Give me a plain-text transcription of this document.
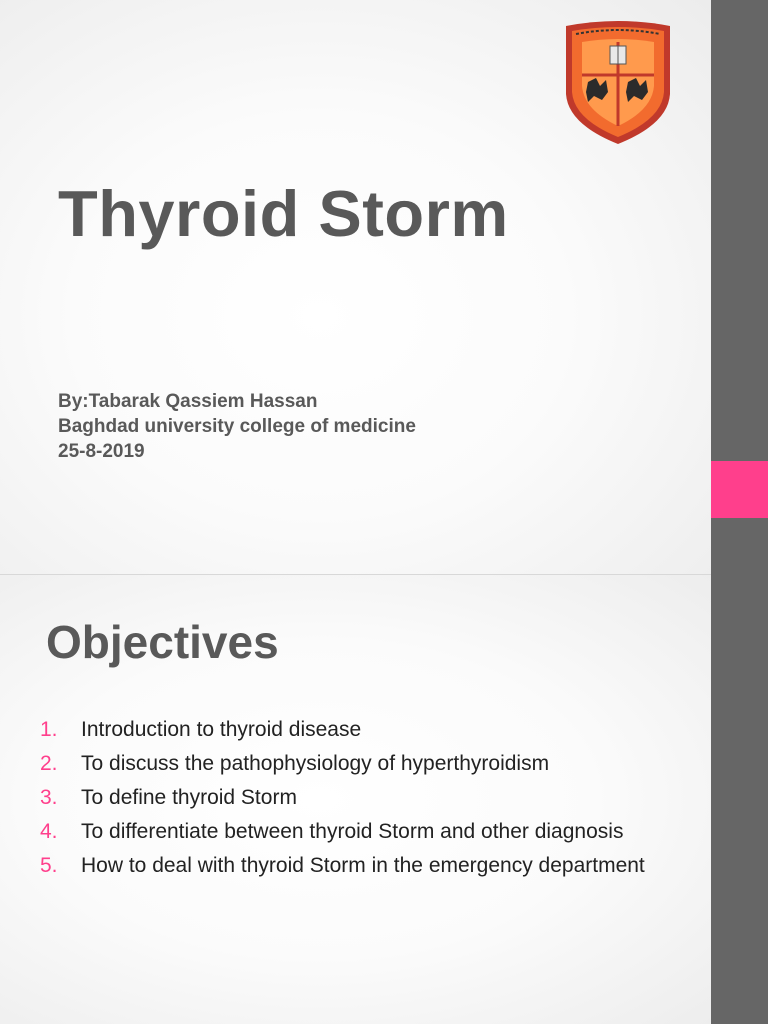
Thyroid Storm
By:Tabarak Qassiem Hassan
Baghdad university college of medicine
25-8-2019
Objectives
1.	Introduction to thyroid disease
2.	To discuss the pathophysiology of hyperthyroidism
3.	To define thyroid Storm
4.	To differentiate between thyroid Storm and other diagnosis
5.	How to deal with thyroid Storm in the emergency department
